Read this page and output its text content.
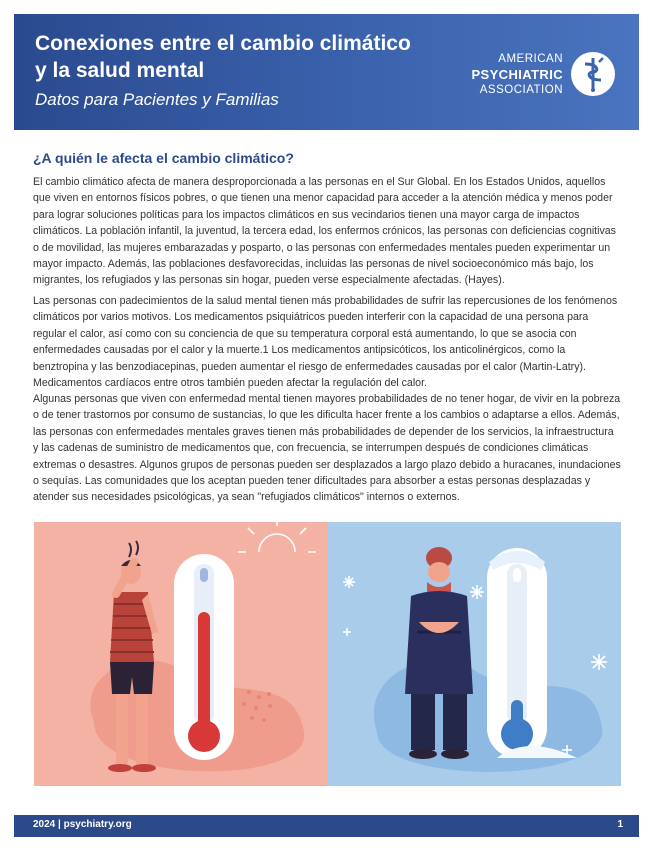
Conexiones entre el cambio climático
y la salud mental
Datos para Pacientes y Familias
AMERICAN
PSYCHIATRIC
ASSOCIATION
¿A quién le afecta el cambio climático?

El cambio climático afecta de manera desproporcionada a las personas en el Sur Global. En los Estados Unidos, aquellos que viven en entornos físicos pobres, o que tienen una menor capacidad para acceder a la atención médica y menos poder para lograr soluciones políticas para los impactos climáticos en sus vecindarios tienen una mayor carga de impactos climáticos. La población infantil, la juventud, la tercera edad, los enfermos crónicos, las personas con deficiencias cognitivas o de movilidad, las mujeres embarazadas y posparto, o las personas con enfermedades mentales pueden experimentar un mayor impacto. Además, las poblaciones desfavorecidas, incluidas las personas de nivel socioeconómico más bajo, los migrantes, los refugiados y las personas sin hogar, pueden verse especialmente afectadas. (Hayes).

Las personas con padecimientos de la salud mental tienen más probabilidades de sufrir las repercusiones de los fenómenos climáticos por varios motivos. Los medicamentos psiquiátricos pueden interferir con la capacidad de una persona para regular el calor, así como con su conciencia de que su temperatura corporal está aumentando, lo que se asocia con enfermedades causadas por el calor y la muerte.1 Los medicamentos antipsicóticos, los anticolinérgicos, como la benztropina y las benzodiacepinas, pueden aumentar el riesgo de enfermedades causadas por el calor (Martin-Latry). Medicamentos cardíacos entre otros también pueden afectar la regulación del calor.

Algunas personas que viven con enfermedad mental tienen mayores probabilidades de no tener hogar, de vivir en la pobreza o de tener trastornos por consumo de sustancias, lo que les dificulta hacer frente a los cambios o adaptarse a ellos. Además, las personas con enfermedades mentales graves tienen más probabilidades de depender de los servicios, la infraestructura y las cadenas de suministro de medicamentos que, con frecuencia, se interrumpen después de condiciones climáticas extremas o desastres. Algunos grupos de personas pueden ser desplazados a largo plazo debido a huracanes, inundaciones o sequías. Las comunidades que los aceptan pueden tener dificultades para absorber a estas personas desplazadas y atender sus necesidades psicológicas, ya sean "refugiados climáticos" internos o externos.

2024 | psychiatry.org	1
